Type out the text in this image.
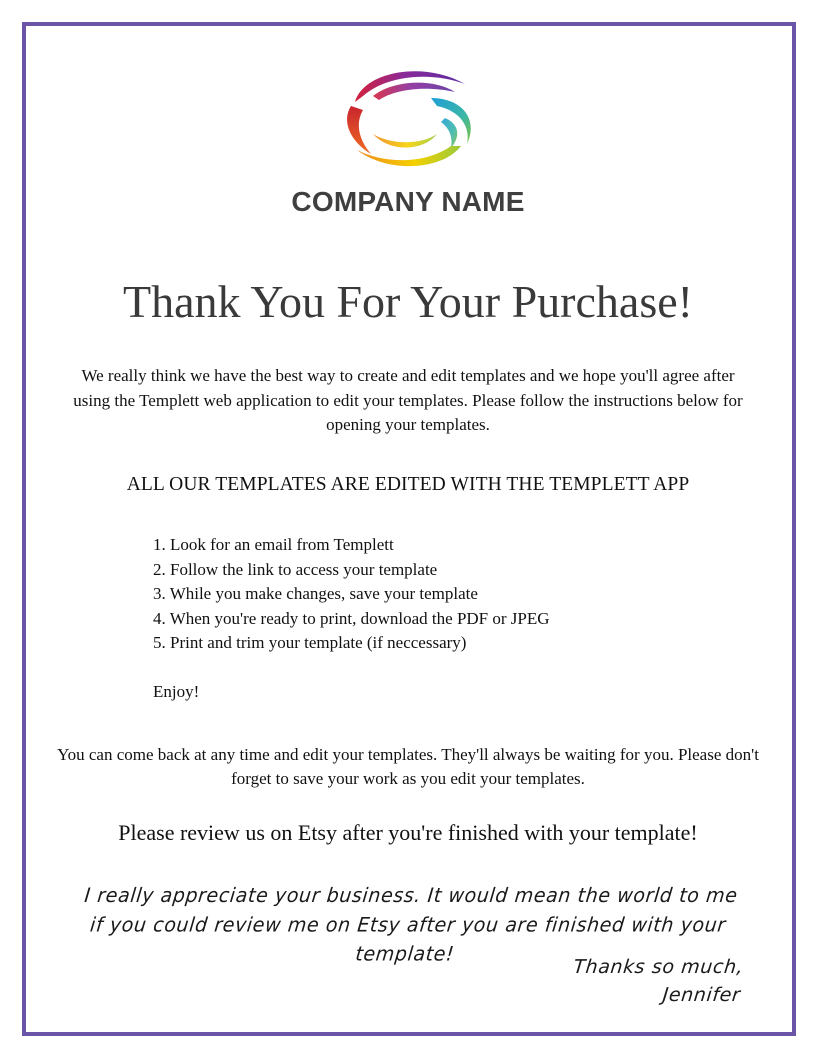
COMPANY NAME
Thank You For Your Purchase!
We really think we have the best way to create and edit templates and we hope you'll agree after using the Templett web application to edit your templates. Please follow the instructions below for opening your templates.
ALL OUR TEMPLATES ARE EDITED WITH THE TEMPLETT APP
1. Look for an email from Templett
2. Follow the link to access your template
3. While you make changes, save your template
4. When you're ready to print, download the PDF or JPEG
5. Print and trim your template (if neccessary)
Enjoy!
You can come back at any time and edit your templates. They'll always be waiting for you. Please don't forget to save your work as you edit your templates.
Please review us on Etsy after you're finished with your template!
I really appreciate your business. It would mean the world to me if you could review me on Etsy after you are finished with your template!
Thanks so much,
Jennifer
